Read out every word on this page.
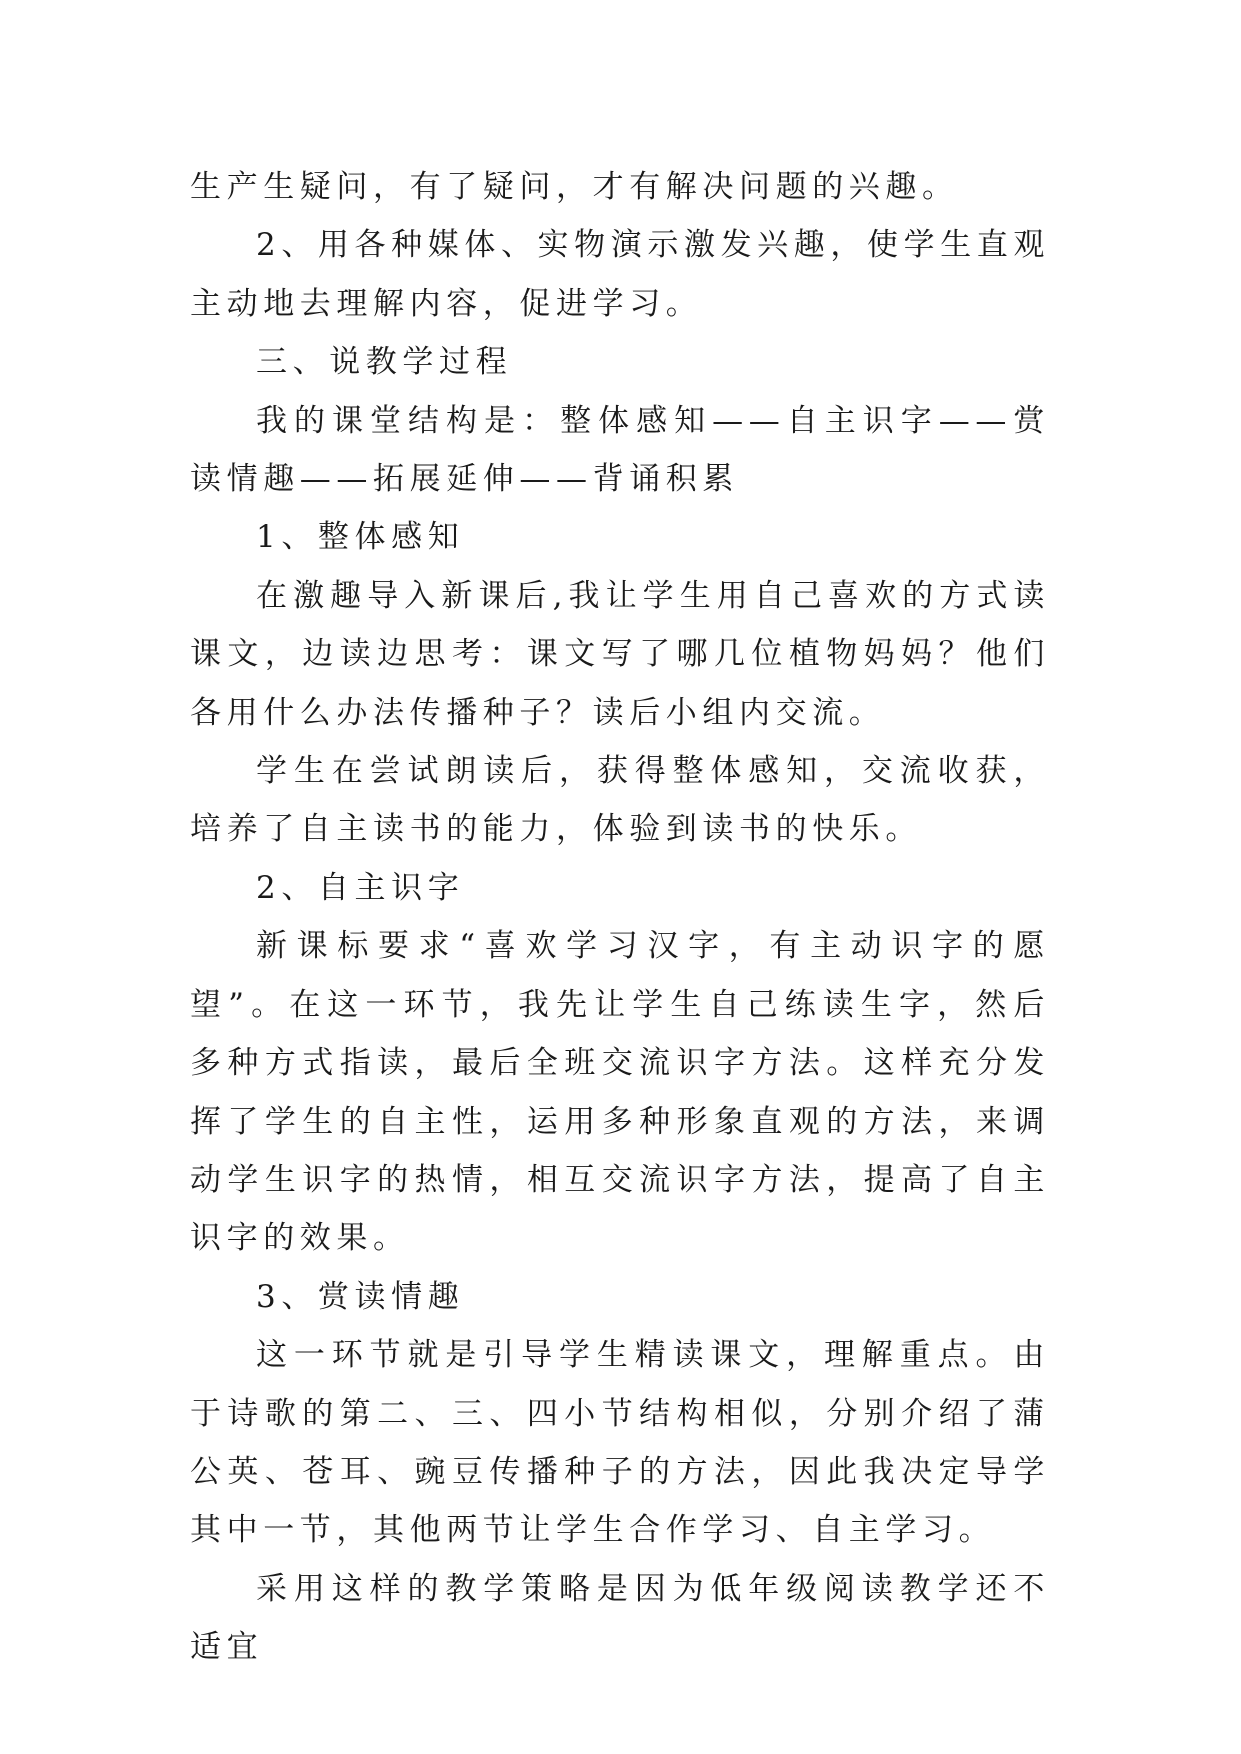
生产生疑问，有了疑问，才有解决问题的兴趣。

2、用各种媒体、实物演示激发兴趣，使学生直观主动地去理解内容，促进学习。

三、说教学过程

我的课堂结构是：整体感知——自主识字——赏读情趣——拓展延伸——背诵积累

1、整体感知

在激趣导入新课后,我让学生用自己喜欢的方式读课文，边读边思考：课文写了哪几位植物妈妈？他们各用什么办法传播种子？读后小组内交流。

学生在尝试朗读后，获得整体感知，交流收获，培养了自主读书的能力，体验到读书的快乐。

2、自主识字

新课标要求“喜欢学习汉字，有主动识字的愿望”。在这一环节，我先让学生自己练读生字，然后多种方式指读，最后全班交流识字方法。这样充分发挥了学生的自主性，运用多种形象直观的方法，来调动学生识字的热情，相互交流识字方法，提高了自主识字的效果。

3、赏读情趣

这一环节就是引导学生精读课文，理解重点。由于诗歌的第二、三、四小节结构相似，分别介绍了蒲公英、苍耳、豌豆传播种子的方法，因此我决定导学其中一节，其他两节让学生合作学习、自主学习。

采用这样的教学策略是因为低年级阅读教学还不适宜
